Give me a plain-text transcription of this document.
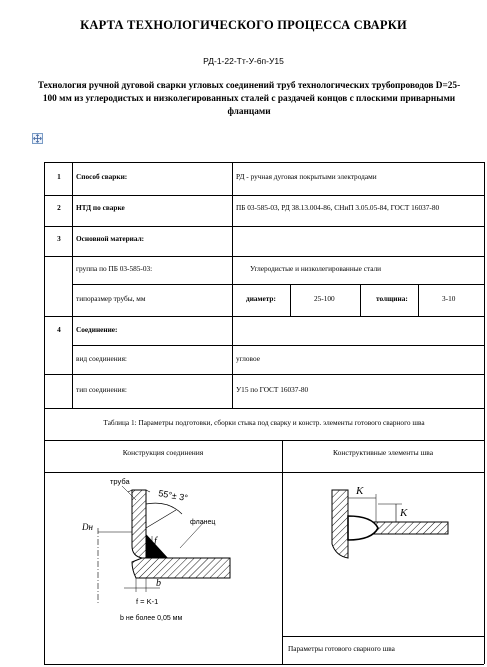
КАРТА ТЕХНОЛОГИЧЕСКОГО ПРОЦЕССА СВАРКИ
РД-1-22-Тт-У-6п-У15
Технология ручной дуговой сварки угловых соединений труб технологических трубопроводов D=25-100 мм из углеродистых и низколегированных сталей с раздачей концов с плоскими приварными фланцами
1	Способ сварки:	РД - ручная дуговая покрытыми электродами
2	НТД по сварке	ПБ 03-585-03, РД 38.13.004-86, СНиП 3.05.05-84, ГОСТ 16037-80
3	Основной материал:
группа по ПБ 03-585-03:	Углеродистые и низколегированные стали
типоразмер трубы, мм	диаметр:	25-100	толщина:	3-10
4	Соединение:
вид соединения:	угловое
тип соединения:	У15 по ГОСТ 16037-80
Таблица 1: Параметры подготовки, сборки стыка под сварку и констр. элементы готового сварного шва
Конструкция соединения	Конструктивные элементы шва
Параметры готового сварного шва
труба
фланец
55°± 3°
Dн
f
b
f = K-1
b не более 0,05 мм
K
K
